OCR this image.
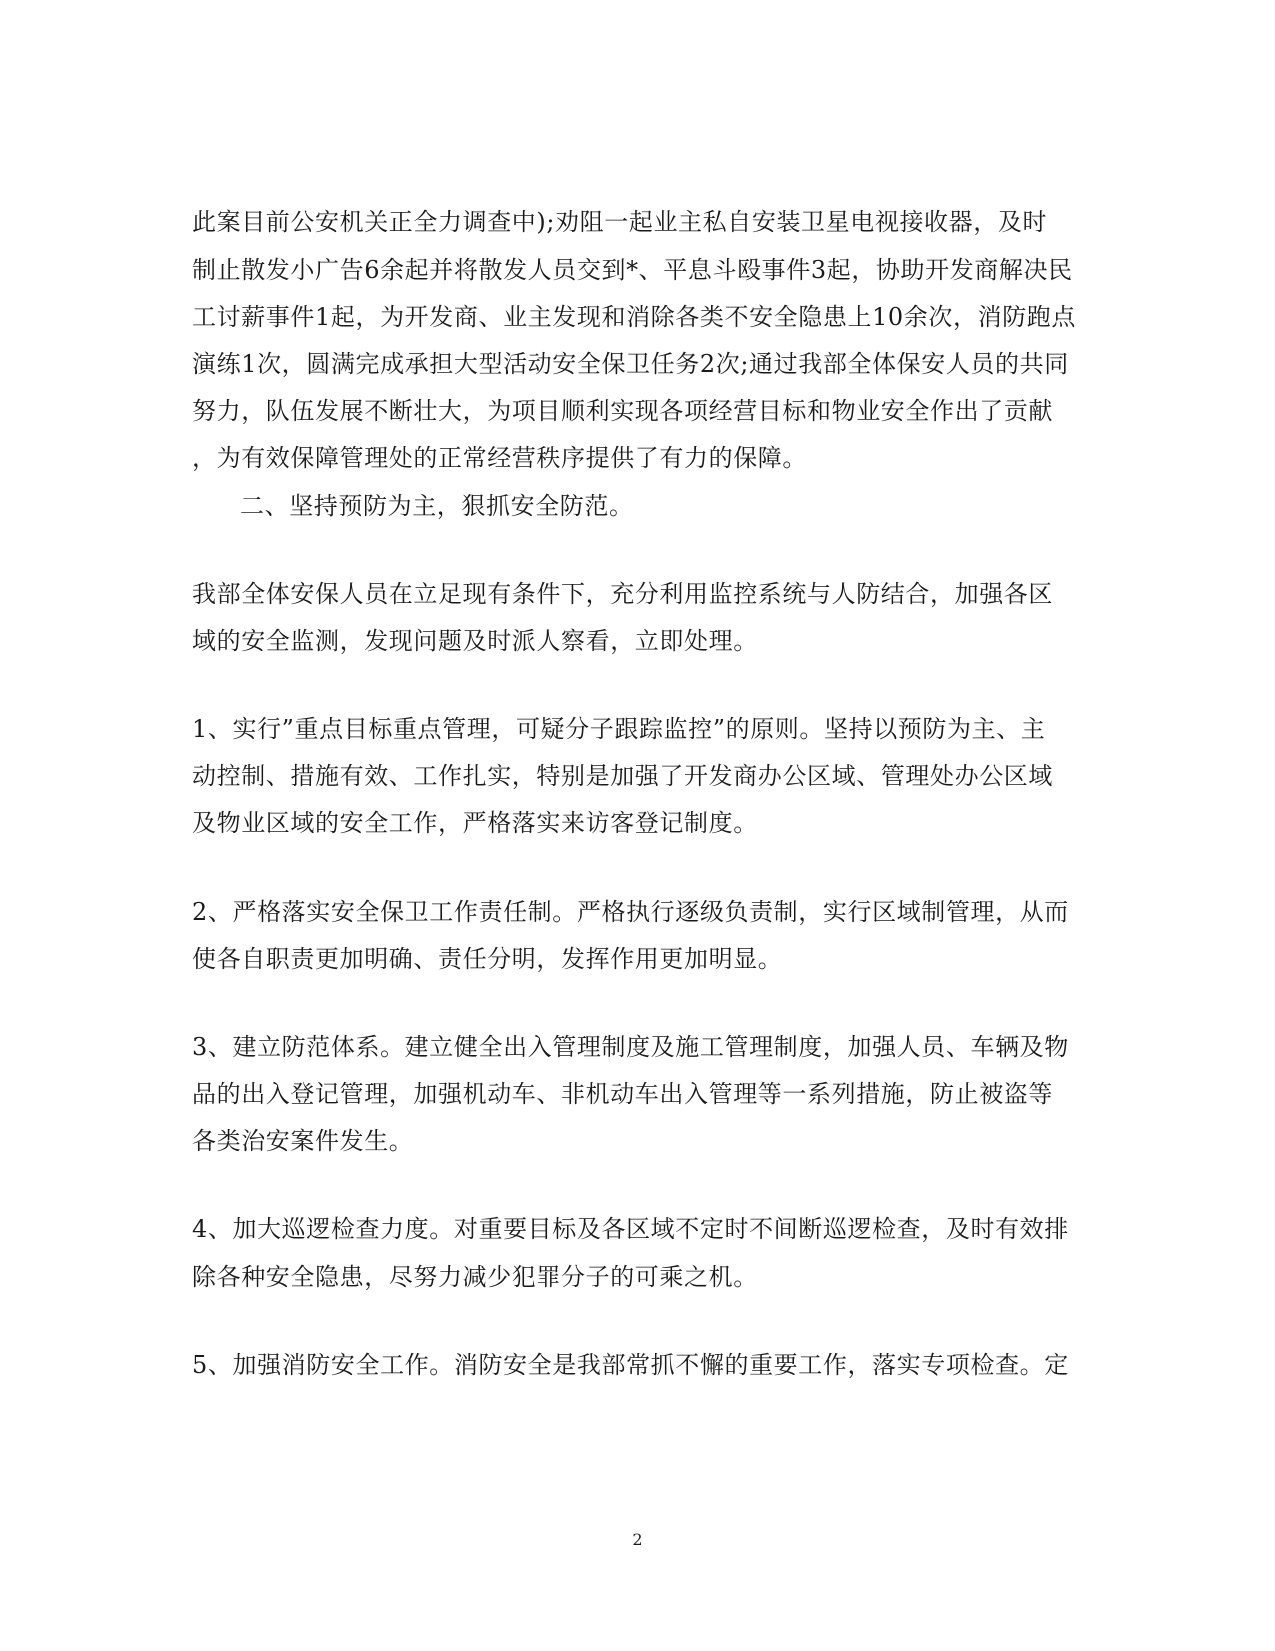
此案目前公安机关正全力调查中);劝阻一起业主私自安装卫星电视接收器，及时

制止散发小广告6余起并将散发人员交到*、平息斗殴事件3起，协助开发商解决民

工讨薪事件1起，为开发商、业主发现和消除各类不安全隐患上10余次，消防跑点

演练1次，圆满完成承担大型活动安全保卫任务2次;通过我部全体保安人员的共同

努力，队伍发展不断壮大，为项目顺利实现各项经营目标和物业安全作出了贡献

，为有效保障管理处的正常经营秩序提供了有力的保障。

二、坚持预防为主，狠抓安全防范。

我部全体安保人员在立足现有条件下，充分利用监控系统与人防结合，加强各区

域的安全监测，发现问题及时派人察看，立即处理。

1、实行”重点目标重点管理，可疑分子跟踪监控”的原则。坚持以预防为主、主

动控制、措施有效、工作扎实，特别是加强了开发商办公区域、管理处办公区域

及物业区域的安全工作，严格落实来访客登记制度。

2、严格落实安全保卫工作责任制。严格执行逐级负责制，实行区域制管理，从而

使各自职责更加明确、责任分明，发挥作用更加明显。

3、建立防范体系。建立健全出入管理制度及施工管理制度，加强人员、车辆及物

品的出入登记管理，加强机动车、非机动车出入管理等一系列措施，防止被盗等

各类治安案件发生。

4、加大巡逻检查力度。对重要目标及各区域不定时不间断巡逻检查，及时有效排

除各种安全隐患，尽努力减少犯罪分子的可乘之机。

5、加强消防安全工作。消防安全是我部常抓不懈的重要工作，落实专项检查。定

2
